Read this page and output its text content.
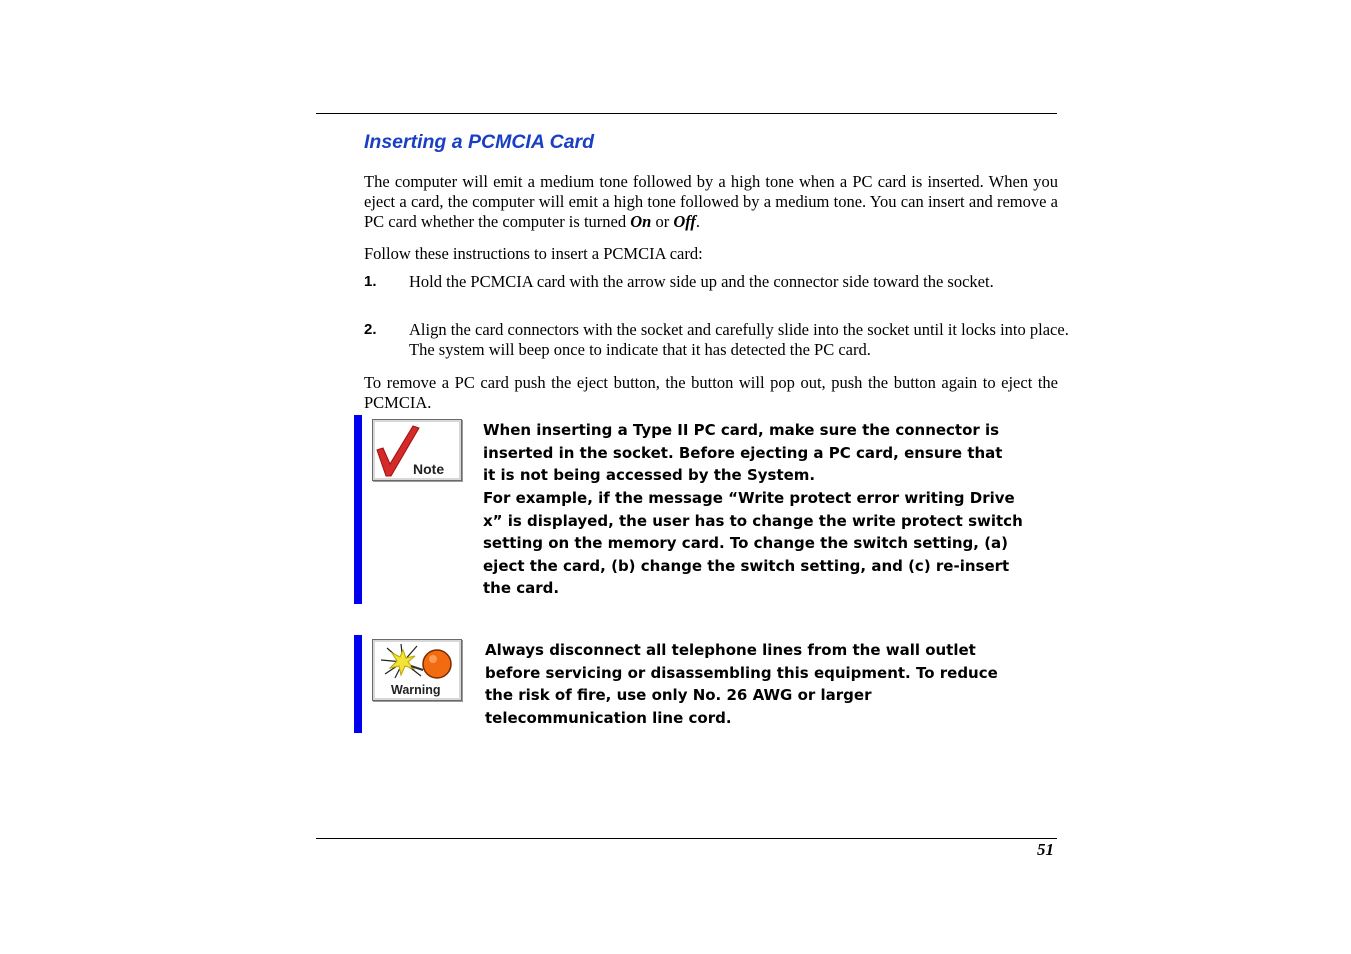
Inserting a PCMCIA Card

The computer will emit a medium tone followed by a high tone when a PC card is inserted. When you eject a card, the computer will emit a high tone followed by a medium tone. You can insert and remove a PC card whether the computer is turned On or Off.

Follow these instructions to insert a PCMCIA card:

1. Hold the PCMCIA card with the arrow side up and the connector side toward the socket.

2. Align the card connectors with the socket and carefully slide into the socket until it locks into place. The system will beep once to indicate that it has detected the PC card.

To remove a PC card push the eject button, the button will pop out, push the button again to eject the PCMCIA.

Note
When inserting a Type II PC card, make sure the connector is
inserted in the socket. Before ejecting a PC card, ensure that
it is not being accessed by the System.
For example, if the message “Write protect error writing Drive
x” is displayed, the user has to change the write protect switch
setting on the memory card. To change the switch setting, (a)
eject the card, (b) change the switch setting, and (c) re-insert
the card.
Warning
Always disconnect all telephone lines from the wall outlet
before servicing or disassembling this equipment. To reduce
the risk of fire, use only No. 26 AWG or larger
telecommunication line cord.
51
